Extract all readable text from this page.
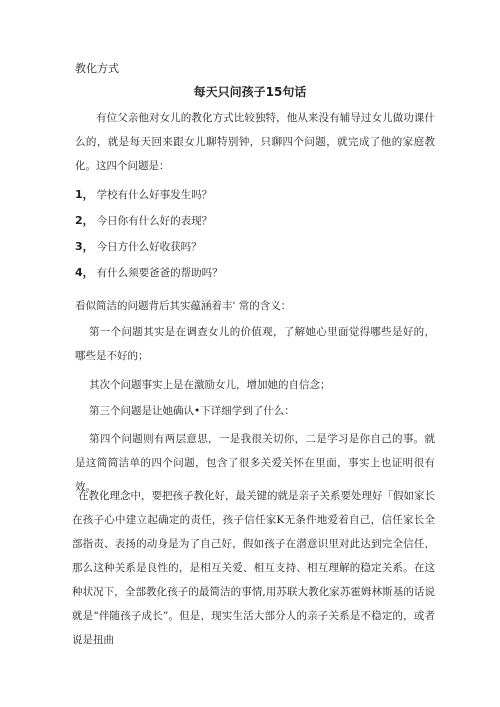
教化方式
每天只问孩子15句话
有位父亲他对女儿的教化方式比较独特，他从来没有辅导过女儿做功课什么的，就是每天回来跟女儿聊特别钟，只聊四个问题，就完成了他的家庭教化。这四个问题是：
1， 学校有什么好事发生吗？
2， 今日你有什么好的表现？
3， 今日方什么好收获吗？
4， 有什么须要爸爸的帮助吗？
看似简洁的问题背后其实蕴涵着丰' 常的含义：
第一个问题其实是在调查女儿的价值观，了解她心里面觉得哪些是好的，哪些是不好的；
其次个问题事实上是在激励女儿，增加她的自信念；
第三个问题是让她确认•下详细学到了什么：
第四个问题则有两层意思，一是我很关切你，二是学习是你自己的事。就是这简简洁单的四个问题，包含了很多关爱关怀在里面，事实上也证明很有效。
在教化理念中，要把孩子教化好，最关键的就是亲子关系要处理好「假如家长在孩子心中建立起确定的责任，孩子信任家K无条件地爱着自己，信任家长全部指责、表扬的动身是为了自己好，假如孩子在潜意识里对此达到完全信任，那么这种关系是良性的，是相互关爱、相互支持、相互理解的稳定关系。在这种状况下，全部教化孩子的最简洁的事情,用苏联大教化家苏霍姆林斯基的话说就是“伴随孩子成长”。但是，现实生活大部分人的亲子关系是不稳定的，或者说是扭曲
